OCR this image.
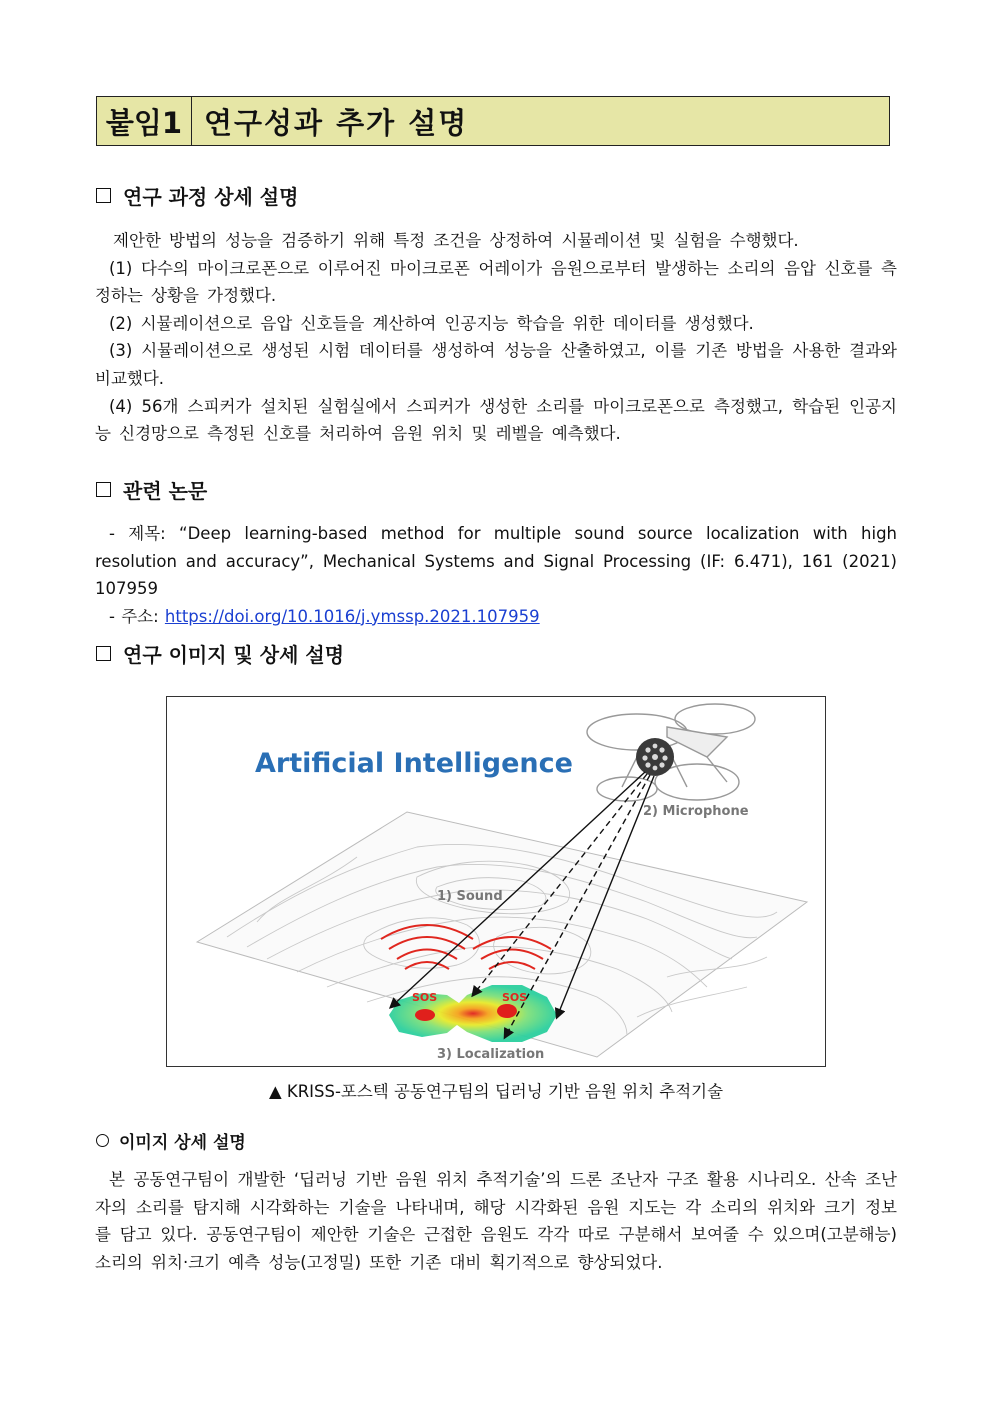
붙임1 연구성과 추가 설명
연구 과정 상세 설명

제안한 방법의 성능을 검증하기 위해 특정 조건을 상정하여 시뮬레이션 및 실험을 수행했다.

(1) 다수의 마이크로폰으로 이루어진 마이크로폰 어레이가 음원으로부터 발생하는 소리의 음압 신호를 측정하는 상황을 가정했다.

(2) 시뮬레이션으로 음압 신호들을 계산하여 인공지능 학습을 위한 데이터를 생성했다.

(3) 시뮬레이션으로 생성된 시험 데이터를 생성하여 성능을 산출하였고, 이를 기존 방법을 사용한 결과와 비교했다.

(4) 56개 스피커가 설치된 실험실에서 스피커가 생성한 소리를 마이크로폰으로 측정했고, 학습된 인공지능 신경망으로 측정된 신호를 처리하여 음원 위치 및 레벨을 예측했다.

관련 논문

- 제목: “Deep learning-based method for multiple sound source localization with high resolution and accuracy”, Mechanical Systems and Signal Processing (IF: 6.471), 161 (2021) 107959

- 주소: https://doi.org/10.1016/j.ymssp.2021.107959

연구 이미지 및 상세 설명
Artificial Intelligence
2) Microphone
1) Sound
3) Localization
SOS	SOS
▲ KRISS-포스텍 공동연구팀의 딥러닝 기반 음원 위치 추적기술
이미지 상세 설명

본 공동연구팀이 개발한 ‘딥러닝 기반 음원 위치 추적기술’의 드론 조난자 구조 활용 시나리오. 산속 조난자의 소리를 탐지해 시각화하는 기술을 나타내며, 해당 시각화된 음원 지도는 각 소리의 위치와 크기 정보를 담고 있다. 공동연구팀이 제안한 기술은 근접한 음원도 각각 따로 구분해서 보여줄 수 있으며(고분해능) 소리의 위치·크기 예측 성능(고정밀) 또한 기존 대비 획기적으로 향상되었다.
